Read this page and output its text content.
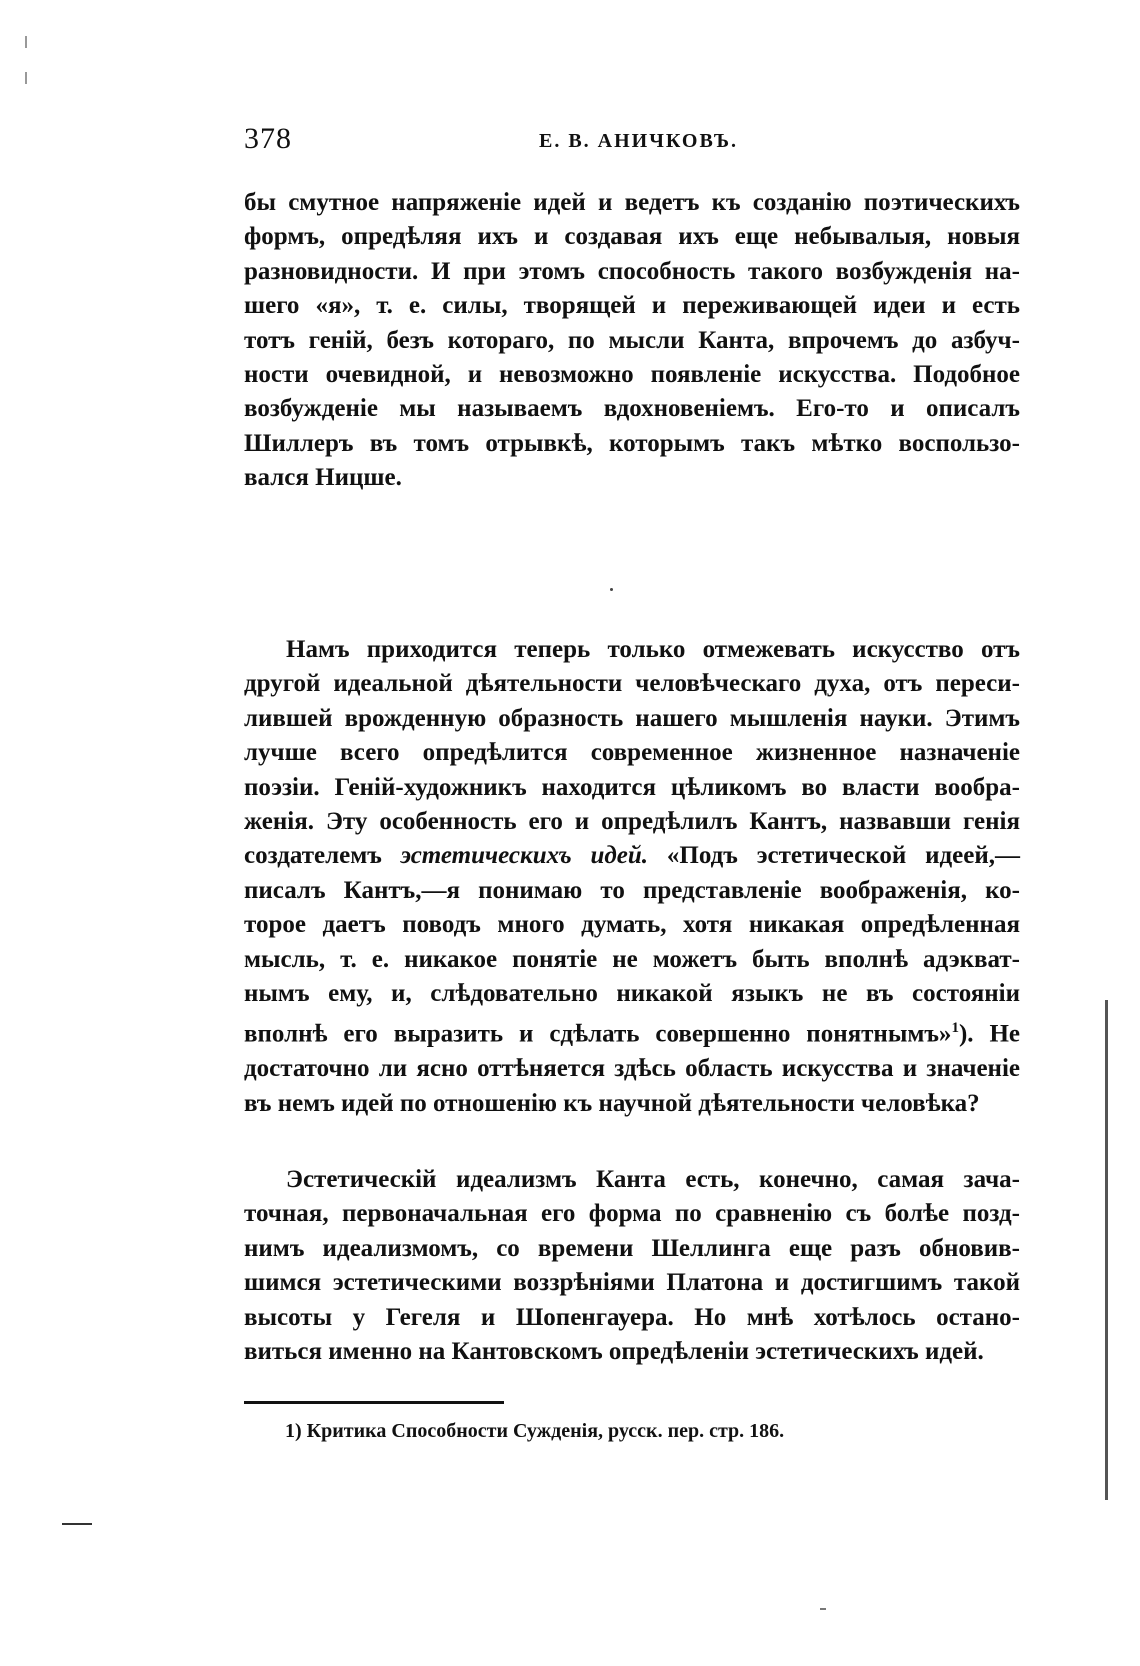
378	Е. В. АНИЧКОВЪ.

бы смутное напряженіе идей и ведетъ къ созданію поэтическихъ
формъ, опредѣляя ихъ и создавая ихъ еще небывалыя, новыя
разновидности. И при этомъ способность такого возбужденія на-
шего «я», т. е. силы, творящей и переживающей идеи и есть
тотъ геній, безъ котораго, по мысли Канта, впрочемъ до азбуч-
ности очевидной, и невозможно появленіе искусства. Подобное
возбужденіе мы называемъ вдохновеніемъ. Его-то и описалъ
Шиллеръ въ томъ отрывкѣ, которымъ такъ мѣтко воспользо-
вался Ницше.

Намъ приходится теперь только отмежевать искусство отъ
другой идеальной дѣятельности человѣческаго духа, отъ переси-
лившей врожденную образность нашего мышленія науки. Этимъ
лучше всего опредѣлится современное жизненное назначеніе
поэзіи. Геній-художникъ находится цѣликомъ во власти вообра-
женія. Эту особенность его и опредѣлилъ Кантъ, назвавши генія
создателемъ эстетическихъ идей. «Подъ эстетической идеей,—
писалъ Кантъ,—я понимаю то представленіе воображенія, ко-
торое даетъ поводъ много думать, хотя никакая опредѣленная
мысль, т. е. никакое понятіе не можетъ быть вполнѣ адэкват-
нымъ ему, и, слѣдовательно никакой языкъ не въ состояніи
вполнѣ его выразить и сдѣлать совершенно понятнымъ»$^1$). Не
достаточно ли ясно оттѣняется здѣсь область искусства и значеніе
въ немъ идей по отношенію къ научной дѣятельности человѣка?

Эстетическій идеализмъ Канта есть, конечно, самая зача-
точная, первоначальная его форма по сравненію съ болѣе позд-
нимъ идеализмомъ, со времени Шеллинга еще разъ обновив-
шимся эстетическими воззрѣніями Платона и достигшимъ такой
высоты у Гегеля и Шопенгауера. Но мнѣ хотѣлось остано-
виться именно на Кантовскомъ опредѣленіи эстетическихъ идей.

1) Критика Способности Сужденія, русск. пер. стр. 186.
